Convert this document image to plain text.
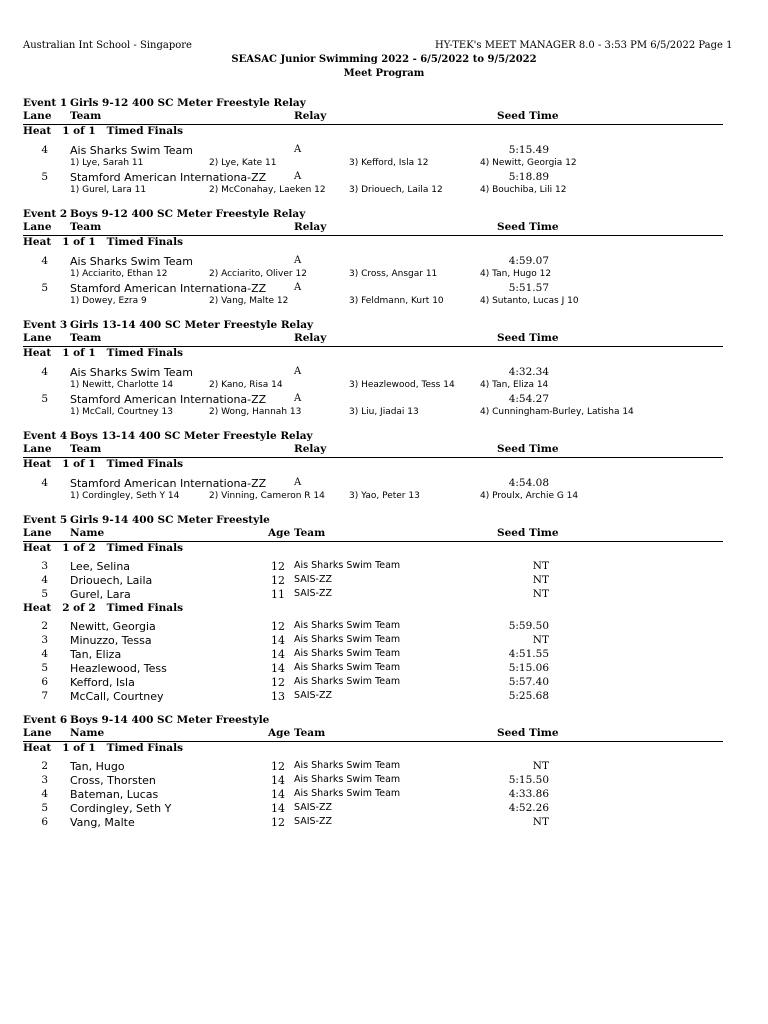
Australian Int School - Singapore	HY-TEK's MEET MANAGER 8.0 - 3:53 PM 6/5/2022 Page 1
SEASAC Junior Swimming 2022 - 6/5/2022 to 9/5/2022
Meet Program
Event 1 Girls 9-12 400 SC Meter Freestyle Relay
Lane Team	Relay	Seed Time
Heat   1 of 1   Timed Finals
4 Ais Sharks Swim Team	A	5:15.49
1) Lye, Sarah 11	2) Lye, Kate 11	3) Kefford, Isla 12	4) Newitt, Georgia 12
5 Stamford American Internationa-ZZ	A	5:18.89
1) Gurel, Lara 11	2) McConahay, Laeken 12	3) Driouech, Laila 12	4) Bouchiba, Lili 12
Event 2 Boys 9-12 400 SC Meter Freestyle Relay
Lane Team	Relay	Seed Time
Heat   1 of 1   Timed Finals
4 Ais Sharks Swim Team	A	4:59.07
1) Acciarito, Ethan 12	2) Acciarito, Oliver 12	3) Cross, Ansgar 11	4) Tan, Hugo 12
5 Stamford American Internationa-ZZ	A	5:51.57
1) Dowey, Ezra 9	2) Vang, Malte 12	3) Feldmann, Kurt 10	4) Sutanto, Lucas J 10
Event 3 Girls 13-14 400 SC Meter Freestyle Relay
Lane Team	Relay	Seed Time
Heat   1 of 1   Timed Finals
4 Ais Sharks Swim Team	A	4:32.34
1) Newitt, Charlotte 14	2) Kano, Risa 14	3) Heazlewood, Tess 14	4) Tan, Eliza 14
5 Stamford American Internationa-ZZ	A	4:54.27
1) McCall, Courtney 13	2) Wong, Hannah 13	3) Liu, Jiadai 13	4) Cunningham-Burley, Latisha 14
Event 4 Boys 13-14 400 SC Meter Freestyle Relay
Lane Team	Relay	Seed Time
Heat   1 of 1   Timed Finals
4 Stamford American Internationa-ZZ	A	4:54.08
1) Cordingley, Seth Y 14	2) Vinning, Cameron R 14	3) Yao, Peter 13	4) Proulx, Archie G 14
Event 5 Girls 9-14 400 SC Meter Freestyle
Lane Name	Age Team	Seed Time
Heat   1 of 2   Timed Finals
3 Lee, Selina	12 Ais Sharks Swim Team	NT
4 Driouech, Laila	12 SAIS-ZZ	NT
5 Gurel, Lara	11 SAIS-ZZ	NT
Heat   2 of 2   Timed Finals
2 Newitt, Georgia	12 Ais Sharks Swim Team	5:59.50
3 Minuzzo, Tessa	14 Ais Sharks Swim Team	NT
4 Tan, Eliza	14 Ais Sharks Swim Team	4:51.55
5 Heazlewood, Tess	14 Ais Sharks Swim Team	5:15.06
6 Kefford, Isla	12 Ais Sharks Swim Team	5:57.40
7 McCall, Courtney	13 SAIS-ZZ	5:25.68
Event 6 Boys 9-14 400 SC Meter Freestyle
Lane Name	Age Team	Seed Time
Heat   1 of 1   Timed Finals
2 Tan, Hugo	12 Ais Sharks Swim Team	NT
3 Cross, Thorsten	14 Ais Sharks Swim Team	5:15.50
4 Bateman, Lucas	14 Ais Sharks Swim Team	4:33.86
5 Cordingley, Seth Y	14 SAIS-ZZ	4:52.26
6 Vang, Malte	12 SAIS-ZZ	NT
